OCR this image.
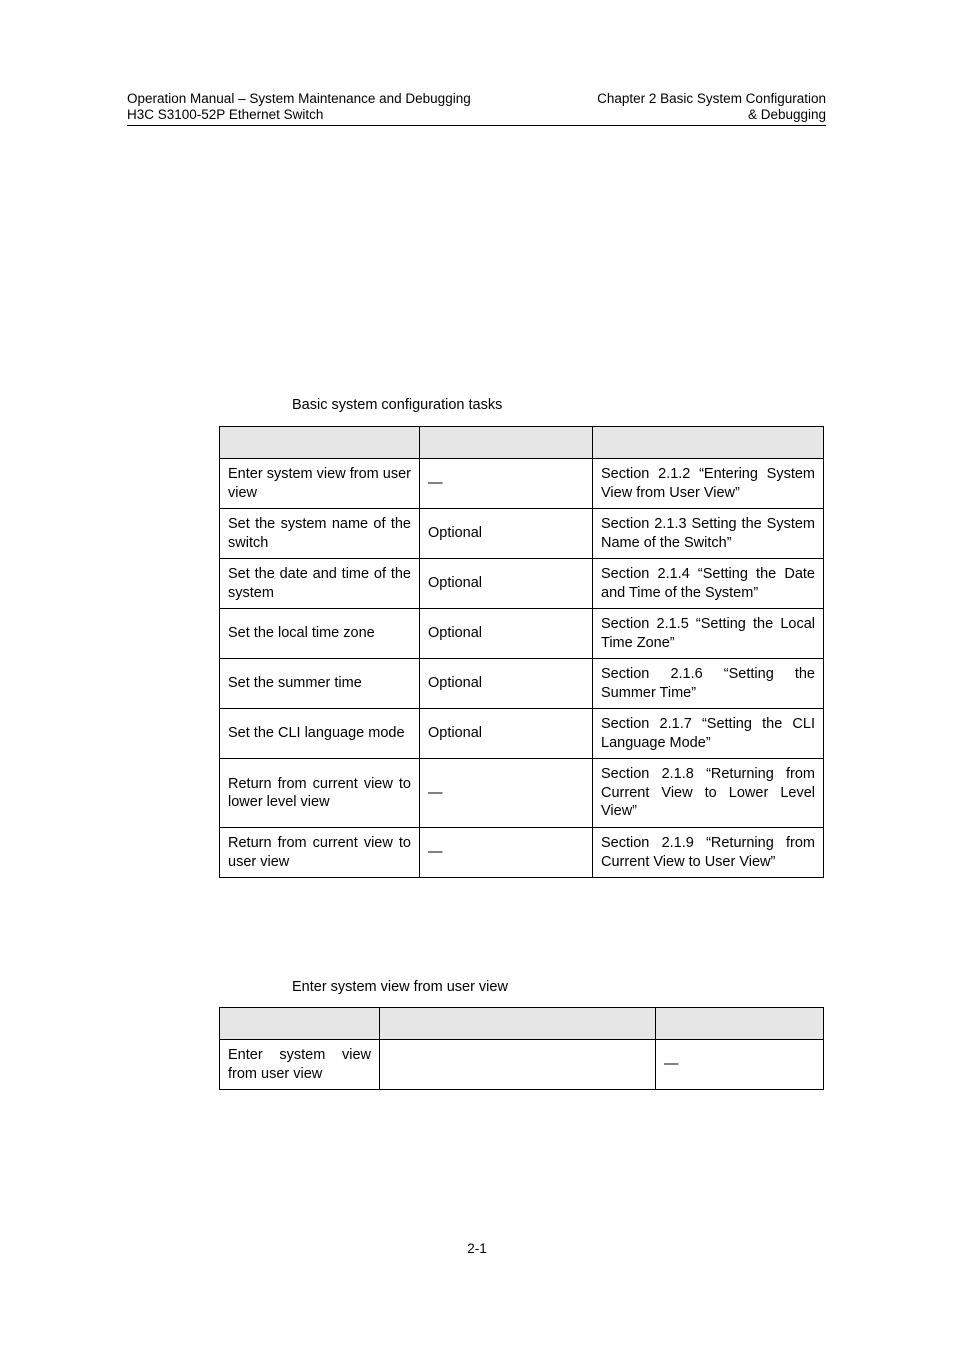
Operation Manual – System Maintenance and Debugging
H3C S3100-52P Ethernet Switch
Chapter 2 Basic System Configuration
& Debugging
Basic system configuration tasks

Enter system view from user view	—	Section 2.1.2 “Entering System View from User View”
Set the system name of the switch	Optional	Section 2.1.3 Setting the System Name of the Switch”
Set the date and time of the system	Optional	Section 2.1.4 “Setting the Date and Time of the System”
Set the local time zone	Optional	Section 2.1.5 “Setting the Local Time Zone”
Set the summer time	Optional	Section 2.1.6 “Setting the Summer Time”
Set the CLI language mode	Optional	Section 2.1.7 “Setting the CLI Language Mode”
Return from current view to lower level view	—	Section 2.1.8 “Returning from Current View to Lower Level View”
Return from current view to user view	—	Section 2.1.9 “Returning from Current View to User View”
Enter system view from user view

Enter system view from user view		—
2-1
